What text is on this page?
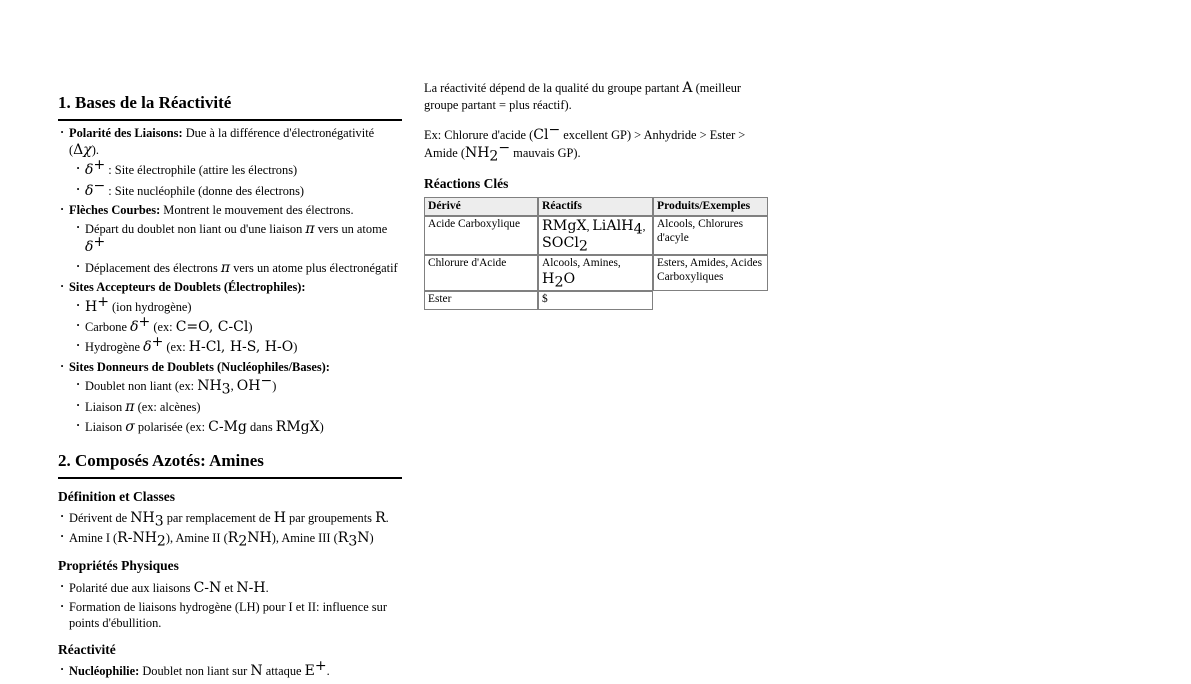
1. Bases de la Réactivité
· Polarité des Liaisons: Due à la différence d'électronégativité (Δχ).
· δ+ : Site électrophile (attire les électrons)
· δ− : Site nucléophile (donne des électrons)
· Flèches Courbes: Montrent le mouvement des électrons.
· Départ du doublet non liant ou d'une liaison π vers un atome δ+
· Déplacement des électrons π vers un atome plus électronégatif
· Sites Accepteurs de Doublets (Électrophiles):
· H+ (ion hydrogène)
· Carbone δ+ (ex: C=O, C-Cl)
· Hydrogène δ+ (ex: H-Cl, H-S, H-O)
· Sites Donneurs de Doublets (Nucléophiles/Bases):
· Doublet non liant (ex: $NH_3$, OH−)
· Liaison π (ex: alcènes)
· Liaison σ polarisée (ex: C-Mg dans RMgX)
2. Composés Azotés: Amines
Définition et Classes
· Dérivent de $NH_3$ par remplacement de H par groupements R.
· Amine I $(R-NH_2)$, Amine II $(R_2NH)$, Amine III $(R_3N)$
Propriétés Physiques
· Polarité due aux liaisons C-N et N-H.
· Formation de liaisons hydrogène (LH) pour I et II: influence sur points d'ébullition.
Réactivité
· Nucléophilie: Doublet non liant sur N attaque E+.

La réactivité dépend de la qualité du groupe partant A (meilleur groupe partant = plus réactif).

Ex: Chlorure d'acide (Cl− excellent GP) > Anhydride > Ester > Amide ($NH_2^-$ mauvais GP).

Réactions Clés
Dérivé	Réactifs	Produits/Exemples
Acide Carboxylique	RMgX, LiAlH$_4$, SOCl$_2$	Alcools, Chlorures d'acyle
Chlorure d'Acide	Alcools, Amines, $H_2O$	Esters, Amides, Acides Carboxyliques
Ester	$	
